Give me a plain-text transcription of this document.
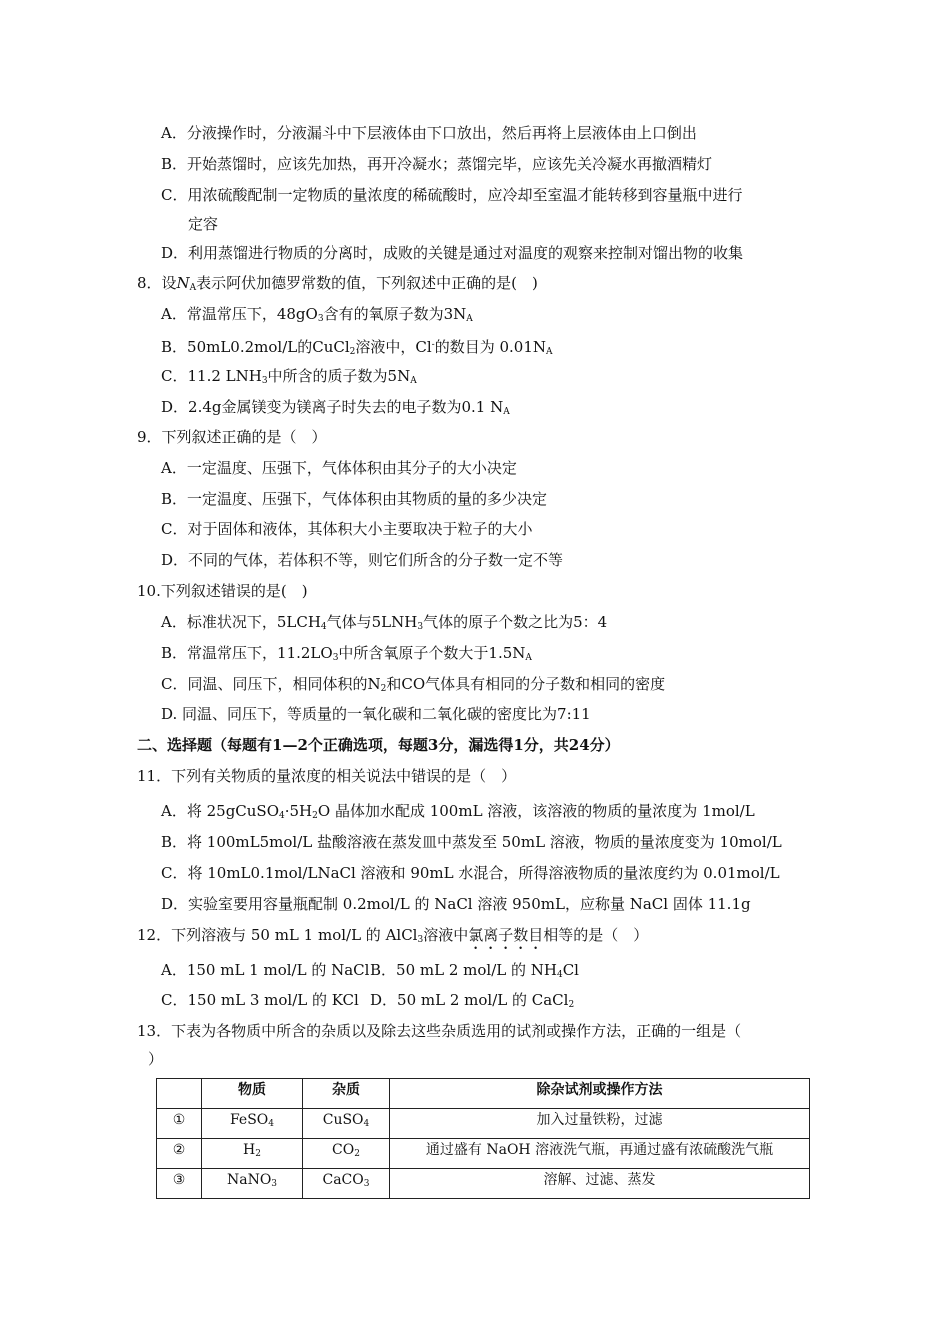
A．分液操作时，分液漏斗中下层液体由下口放出，然后再将上层液体由上口倒出
B．开始蒸馏时，应该先加热，再开冷凝水；蒸馏完毕，应该先关冷凝水再撤酒精灯
C．用浓硫酸配制一定物质的量浓度的稀硫酸时，应冷却至室温才能转移到容量瓶中进行
定容
D．利用蒸馏进行物质的分离时，成败的关键是通过对温度的观察来控制对馏出物的收集
8．设$N_A$表示阿伏加德罗常数的值，下列叙述中正确的是(　)
A．常温常压下，$48gO_3$含有的氧原子数为$3N_A$
B．50mL0.2mol/L的CuCl$_2$溶液中，Cl-的数目为 $0.01N_A$
C．11.2 $LNH_3$中所含的质子数为$5N_A$
D．2.4g金属镁变为镁离子时失去的电子数为0.1 $N_A$
9．下列叙述正确的是（　）
A．一定温度、压强下，气体体积由其分子的大小决定
B．一定温度、压强下，气体体积由其物质的量的多少决定
C．对于固体和液体，其体积大小主要取决于粒子的大小
D．不同的气体，若体积不等，则它们所含的分子数一定不等
10.下列叙述错误的是(　)
A．标准状况下，$5LCH_4$气体与$5LNH_3$气体的原子个数之比为5：4
B．常温常压下，$11.2LO_3$中所含氧原子个数大于$1.5N_A$
C．同温、同压下，相同体积的$N_2$和CO气体具有相同的分子数和相同的密度
D. 同温、同压下，等质量的一氧化碳和二氧化碳的密度比为7:11
二、选择题（每题有1—2个正确选项，每题3分，漏选得1分，共24分）
11．下列有关物质的量浓度的相关说法中错误的是（　）
A．将 $25gCuSO_4\cdot 5H_2O$ 晶体加水配成 100mL 溶液，该溶液的物质的量浓度为 1mol/L
B．将 100mL5mol/L 盐酸溶液在蒸发皿中蒸发至 50mL 溶液，物质的量浓度变为 10mol/L
C．将 10mL0.1mol/LNaCl 溶液和 90mL 水混合，所得溶液物质的量浓度约为 0.01mol/L
D．实验室要用容量瓶配制 0.2mol/L 的 NaCl 溶液 950mL，应称量 NaCl 固体 11.1g
12．下列溶液与 50 mL 1 mol/L 的 AlCl$_3$溶液中氯离子数目相等的是（　）
A．150 mL 1 mol/L 的 NaCl B．50 mL 2 mol/L 的 $NH_4Cl$
C．150 mL 3 mol/L 的 KCl D．50 mL 2 mol/L 的 CaCl$_2$
13．下表为各物质中所含的杂质以及除去这些杂质选用的试剂或操作方法，正确的一组是（
）
	物质	杂质	除杂试剂或操作方法
①	FeSO$_4$	CuSO$_4$	加入过量铁粉，过滤
②	$H_2$	$CO_2$	通过盛有 NaOH 溶液洗气瓶，再通过盛有浓硫酸洗气瓶
③	NaNO$_3$	CaCO$_3$	溶解、过滤、蒸发
